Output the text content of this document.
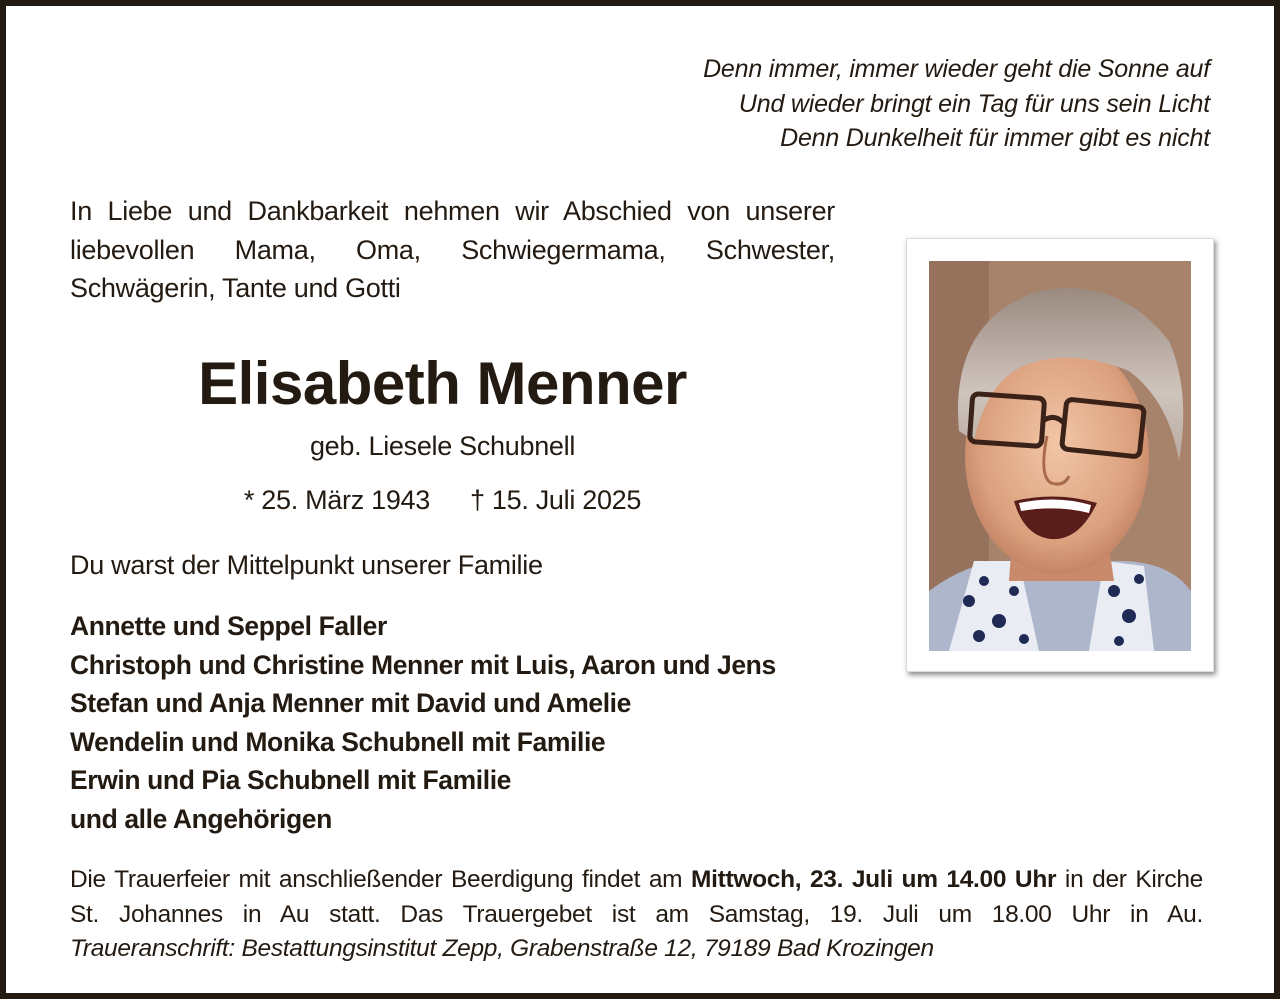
Denn immer, immer wieder geht die Sonne auf
Und wieder bringt ein Tag für uns sein Licht
Denn Dunkelheit für immer gibt es nicht
In Liebe und Dankbarkeit nehmen wir Abschied von unserer liebevollen Mama, Oma, Schwiegermama, Schwester, Schwägerin, Tante und Gotti
Elisabeth Menner
geb. Liesele Schubnell
* 25. März 1943 † 15. Juli 2025
Du warst der Mittelpunkt unserer Familie
Annette und Seppel Faller
Christoph und Christine Menner mit Luis, Aaron und Jens
Stefan und Anja Menner mit David und Amelie
Wendelin und Monika Schubnell mit Familie
Erwin und Pia Schubnell mit Familie
und alle Angehörigen
Die Trauerfeier mit anschließender Beerdigung findet am Mittwoch, 23. Juli um 14.00 Uhr in der Kirche St. Johannes in Au statt. Das Trauergebet ist am Samstag, 19. Juli um 18.00 Uhr in Au.
Traueranschrift: Bestattungsinstitut Zepp, Grabenstraße 12, 79189 Bad Krozingen
